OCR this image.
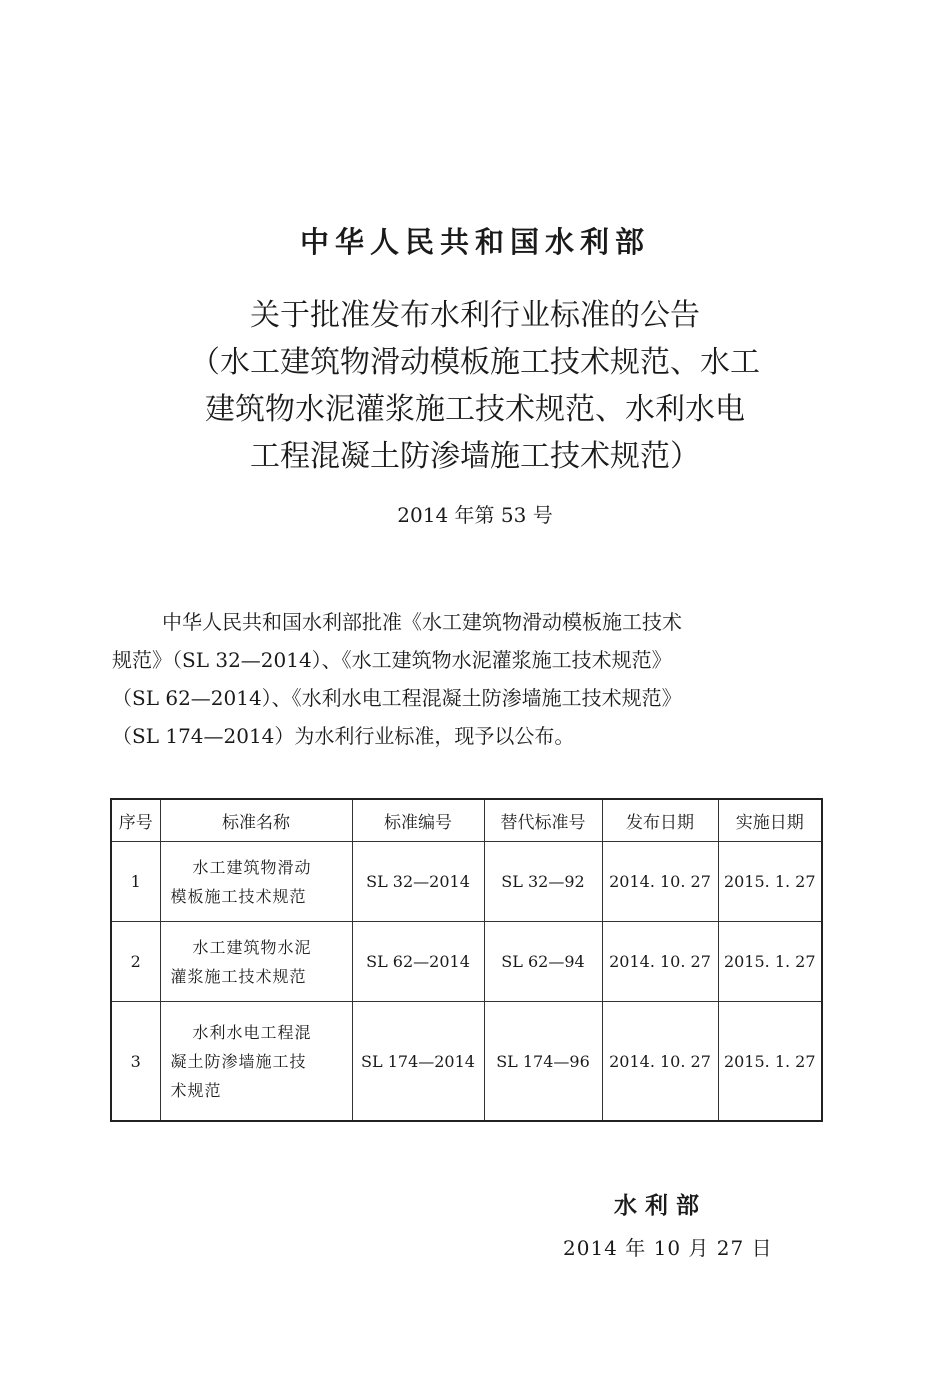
中华人民共和国水利部
关于批准发布水利行业标准的公告
（水工建筑物滑动模板施工技术规范、水工
建筑物水泥灌浆施工技术规范、水利水电
工程混凝土防渗墙施工技术规范）
2014 年第 53 号
中华人民共和国水利部批准《水工建筑物滑动模板施工技术
规范》（SL 32—2014）、《水工建筑物水泥灌浆施工技术规范》
（SL 62—2014）、《水利水电工程混凝土防渗墙施工技术规范》
（SL 174—2014）为水利行业标准，现予以公布。
序号	标准名称	标准编号	替代标准号	发布日期	实施日期
1	水工建筑物滑动
模板施工技术规范	SL 32—2014	SL 32—92	2014. 10. 27	2015. 1. 27
2	水工建筑物水泥
灌浆施工技术规范	SL 62—2014	SL 62—94	2014. 10. 27	2015. 1. 27
3	水利水电工程混
凝土防渗墙施工技
术规范	SL 174—2014	SL 174—96	2014. 10. 27	2015. 1. 27
水利部
2014 年 10 月 27 日
